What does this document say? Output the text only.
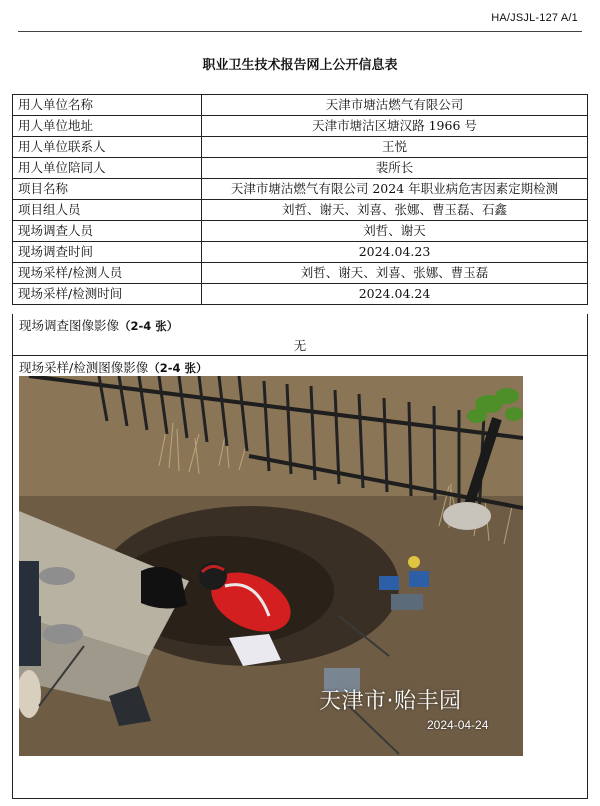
HA/JSJL-127 A/1
职业卫生技术报告网上公开信息表
用人单位名称	天津市塘沽燃气有限公司
用人单位地址	天津市塘沽区塘汉路 1966 号
用人单位联系人	王悦
用人单位陪同人	裴所长
项目名称	天津市塘沽燃气有限公司 2024 年职业病危害因素定期检测
项目组人员	刘哲、谢天、刘喜、张娜、曹玉磊、石鑫
现场调查人员	刘哲、谢天
现场调查时间	2024.04.23
现场采样/检测人员	刘哲、谢天、刘喜、张娜、曹玉磊
现场采样/检测时间	2024.04.24
现场调查图像影像（2-4 张）
无
现场采样/检测图像影像（2-4 张）
天津市·贻丰园
2024-04-24
